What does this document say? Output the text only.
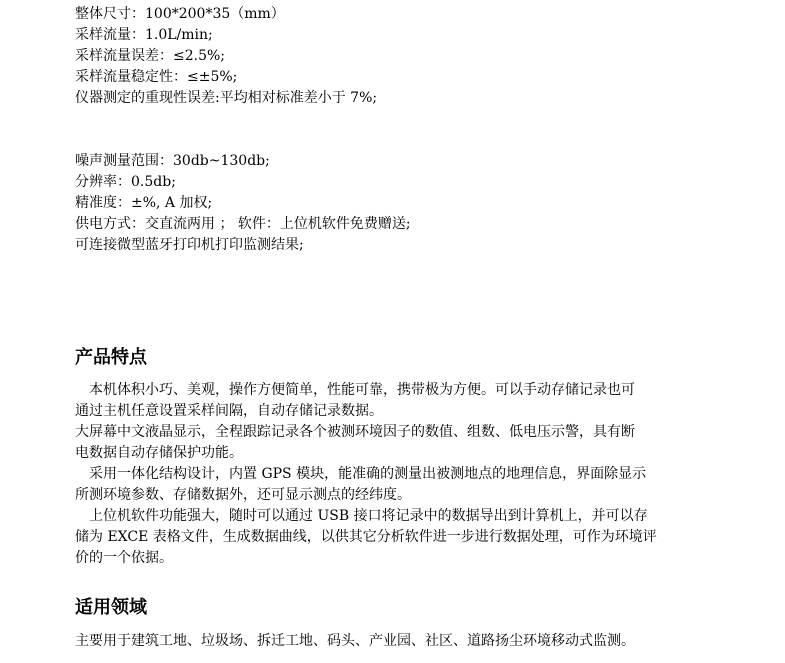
整体尺寸：100*200*35（mm）

采样流量：1.0L/min;

采样流量误差：≤2.5%;

采样流量稳定性：≤±5%;

仪器测定的重现性误差:平均相对标准差小于 7%;

噪声测量范围：30db~130db;

分辨率：0.5db;

精准度：±%, A 加权;

供电方式：交直流两用 ； 软件：上位机软件免费赠送;

可连接微型蓝牙打印机打印监测结果;

产品特点

本机体积小巧、美观，操作方便简单，性能可靠，携带极为方便。可以手动存储记录也可

通过主机任意设置采样间隔，自动存储记录数据。

大屏幕中文液晶显示，全程跟踪记录各个被测环境因子的数值、组数、低电压示警，具有断

电数据自动存储保护功能。

采用一体化结构设计，内置 GPS 模块，能准确的测量出被测地点的地理信息，界面除显示

所测环境参数、存储数据外，还可显示测点的经纬度。

上位机软件功能强大，随时可以通过 USB 接口将记录中的数据导出到计算机上，并可以存

储为 EXCE 表格文件，生成数据曲线，以供其它分析软件进一步进行数据处理，可作为环境评

价的一个依据。

适用领域

主要用于建筑工地、垃圾场、拆迁工地、码头、产业园、社区、道路扬尘环境移动式监测。
